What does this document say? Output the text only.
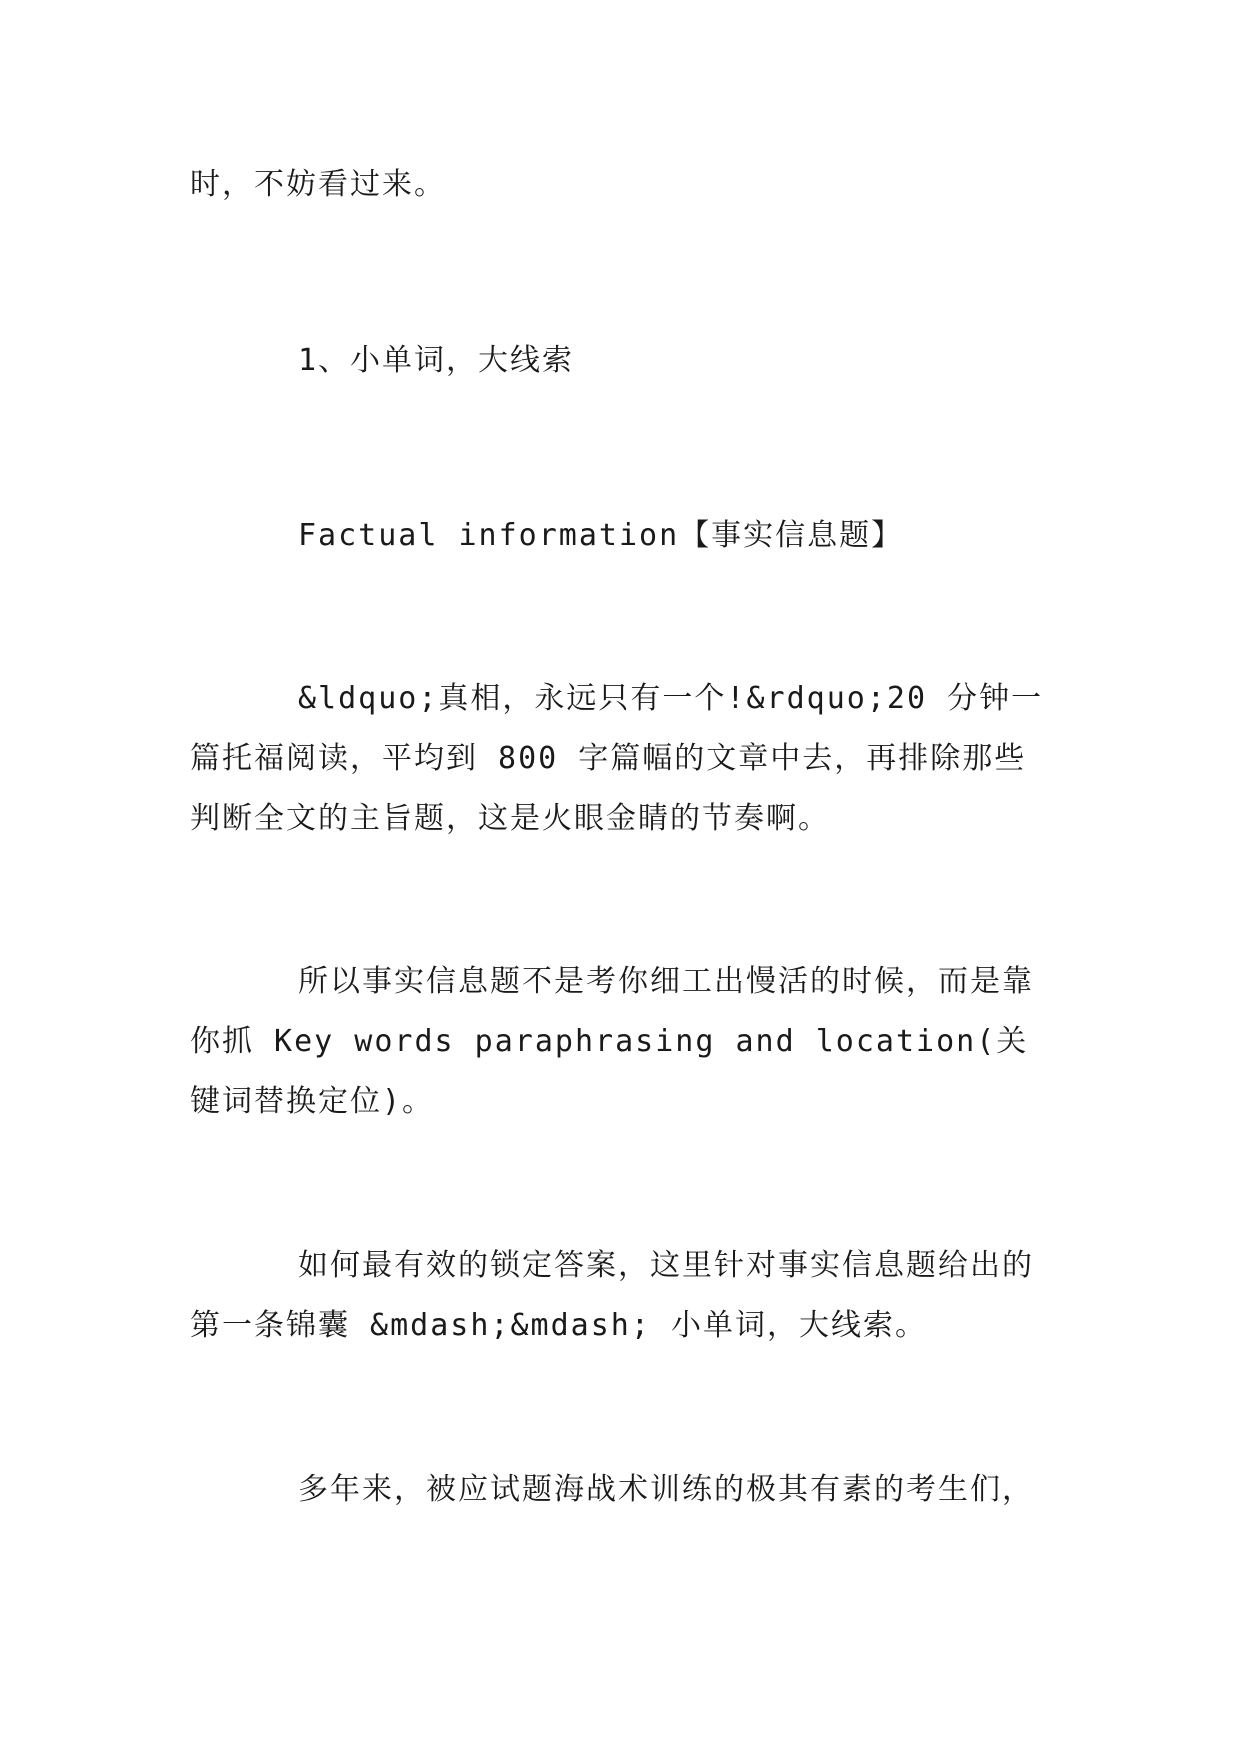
时，不妨看过来。
1、小单词，大线索
Factual information【事实信息题】
&ldquo;真相，永远只有一个!&rdquo;20 分钟一篇托福阅读，平均到 800 字篇幅的文章中去，再排除那些判断全文的主旨题，这是火眼金睛的节奏啊。
所以事实信息题不是考你细工出慢活的时候，而是靠你抓 Key words paraphrasing and location(关键词替换定位)。
如何最有效的锁定答案，这里针对事实信息题给出的第一条锦囊 &mdash;&mdash; 小单词，大线索。
多年来，被应试题海战术训练的极其有素的考生们，
